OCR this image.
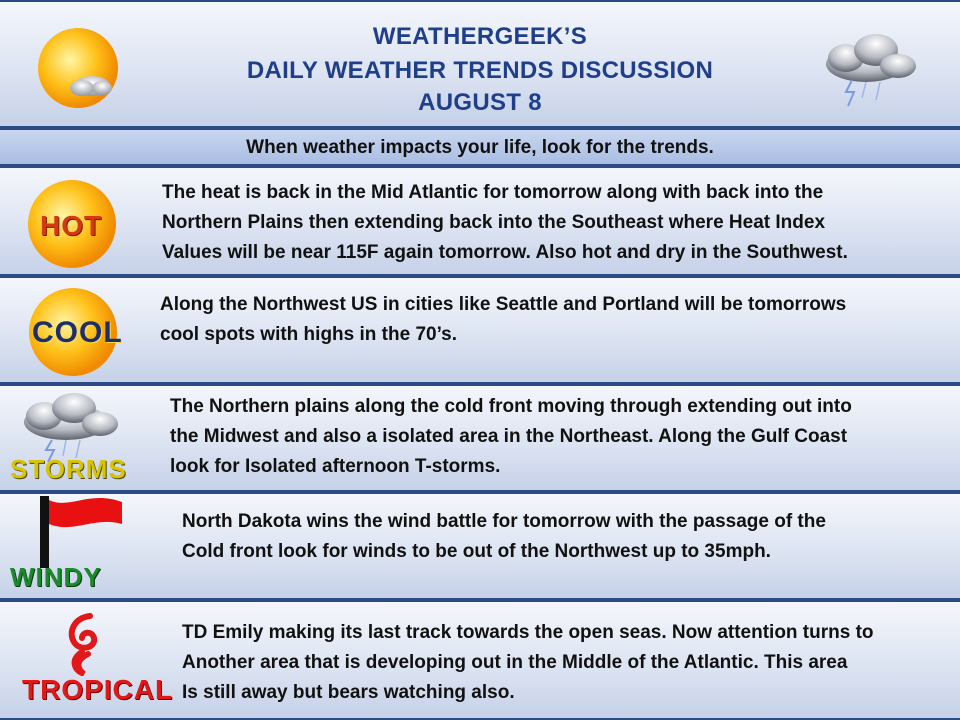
WEATHERGEEK’S
DAILY WEATHER TRENDS DISCUSSION
AUGUST 8
When weather impacts your life, look for the trends.
HOT
The heat is back in the Mid Atlantic for tomorrow along with back into the
Northern Plains then extending back into the Southeast where Heat Index
Values will be near 115F again tomorrow. Also hot and dry in the Southwest.
COOL
Along the Northwest US in cities like Seattle and Portland will be tomorrows
cool spots with highs in the 70’s.
STORMS
The Northern plains along the cold front moving through extending out into
the Midwest and also a isolated area in the Northeast. Along the Gulf Coast
look for Isolated afternoon T-storms.
WINDY
North Dakota wins the wind battle for tomorrow with the passage of the
Cold front look for winds to be out of the Northwest up to 35mph.
TROPICAL
TD Emily making its last track towards the open seas. Now attention turns to
Another area that is developing out in the Middle of the Atlantic. This area
Is still away but bears watching also.
